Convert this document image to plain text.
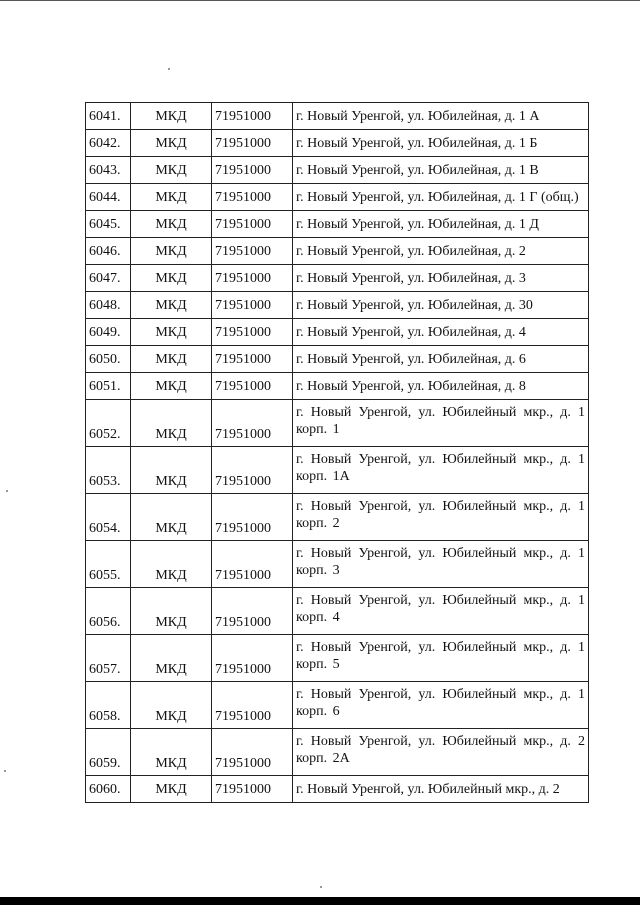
6041.	МКД	71951000	г. Новый Уренгой, ул. Юбилейная, д. 1 А
6042.	МКД	71951000	г. Новый Уренгой, ул. Юбилейная, д. 1 Б
6043.	МКД	71951000	г. Новый Уренгой, ул. Юбилейная, д. 1 В
6044.	МКД	71951000	г. Новый Уренгой, ул. Юбилейная, д. 1 Г (общ.)
6045.	МКД	71951000	г. Новый Уренгой, ул. Юбилейная, д. 1 Д
6046.	МКД	71951000	г. Новый Уренгой, ул. Юбилейная, д. 2
6047.	МКД	71951000	г. Новый Уренгой, ул. Юбилейная, д. 3
6048.	МКД	71951000	г. Новый Уренгой, ул. Юбилейная, д. 30
6049.	МКД	71951000	г. Новый Уренгой, ул. Юбилейная, д. 4
6050.	МКД	71951000	г. Новый Уренгой, ул. Юбилейная, д. 6
6051.	МКД	71951000	г. Новый Уренгой, ул. Юбилейная, д. 8
6052.	МКД	71951000	г. Новый Уренгой, ул. Юбилейный мкр., д. 1 корп. 1
6053.	МКД	71951000	г. Новый Уренгой, ул. Юбилейный мкр., д. 1 корп. 1А
6054.	МКД	71951000	г. Новый Уренгой, ул. Юбилейный мкр., д. 1 корп. 2
6055.	МКД	71951000	г. Новый Уренгой, ул. Юбилейный мкр., д. 1 корп. 3
6056.	МКД	71951000	г. Новый Уренгой, ул. Юбилейный мкр., д. 1 корп. 4
6057.	МКД	71951000	г. Новый Уренгой, ул. Юбилейный мкр., д. 1 корп. 5
6058.	МКД	71951000	г. Новый Уренгой, ул. Юбилейный мкр., д. 1 корп. 6
6059.	МКД	71951000	г. Новый Уренгой, ул. Юбилейный мкр., д. 2 корп. 2А
6060.	МКД	71951000	г. Новый Уренгой, ул. Юбилейный мкр., д. 2
